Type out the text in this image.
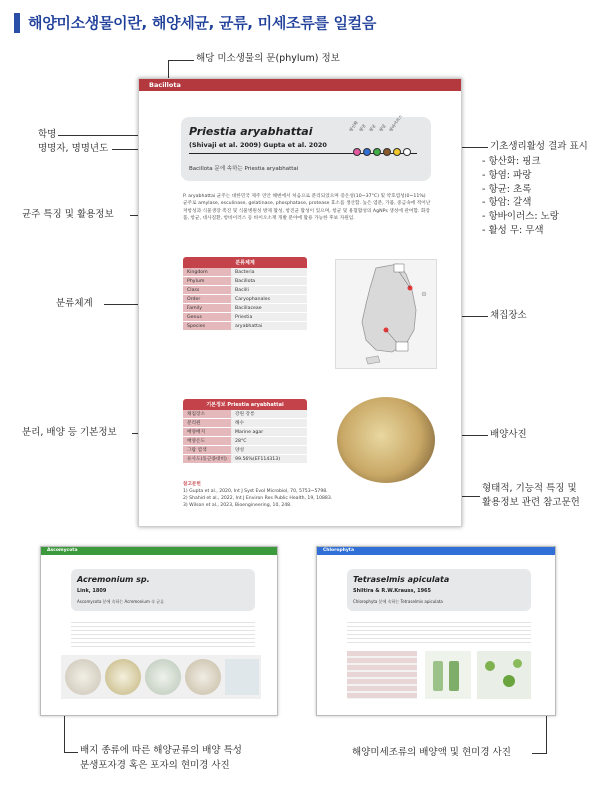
해양미소생물이란, 해양세균, 균류, 미세조류를 일컬음
해당 미소생물의 문(phylum) 정보
학명
명명자, 명명년도	기초생리활성 결과 표시
- 항산화: 핑크
- 항염: 파랑
- 항균: 초록
- 항암: 갈색
- 항바이러스: 노랑
- 활성 무: 무색
균주 특징 및 활용정보
분류체계
채집장소
분리, 배양 등 기본정보	배양사진
형태적, 기능적 특징 및
활용정보 관련 참고문헌
Bacillota
Priestia aryabhattai
(Shivaji et al. 2009) Gupta et al. 2020
항산화 항염 항균 항암 항바이러스
Bacillota 문에 속하는 Priestia aryabhattai
P. aryabhattai 균주는 대한민국 제주 연안 해변에서 처음으로 분리되었으며 증온성(10~37°C) 및 약호염성(0~11%) 균주로 amylase, esculinase, gelatinase, phosphatase, protease 효소를 생산함. 높은 염분, 가뭄, 중금속에 적어난 저항성과 식물생장 촉진 및 식물병원성 방제 활성, 항진균 활성이 있으며, 항균 및 용혈활성의 AgNPs 생성에 관여함. 화장품, 항균, 대사질환, 항바이러스 등 바이오소재 개발 분야에 활용 가능한 후보 자원임.
분류체계
Kingdom	Bacteria
Phylum	Bacillota
Class	Bacilli
Order	Caryophanales
Family	Bacillaceae
Genus	Priestia
Species	aryabhattai
기본정보 Priestia aryabhattai
채집장소	강원 강릉
분리원	해수
배양배지	Marine agar
배양온도	28°C
그람 염색	양성
유사도(동근종대비)	99.56%(EF114313)
참고문헌
1) Gupta et al., 2020, Int J Syst Evol Microbiol, 70, 5753~5798.
2) Shahid et al., 2022, Int J Environ Res Public Health, 19, 10883.
3) Wilson et al., 2023, Bioengineering, 10, 248.
Ascomycota
Acremonium sp.
Link, 1809
Ascomycota 분에 속하는 Acremonium 속 균류
Chlorophyta
Tetraselmis apiculata
Shiltira & R.W.Krauss, 1965
Chlorophyta 분에 속하는 Tetraselmis apiculata
배지 종류에 따른 해양균류의 배양 특성
분생포자경 혹은 포자의 현미경 사진
해양미세조류의 배양액 및 현미경 사진
